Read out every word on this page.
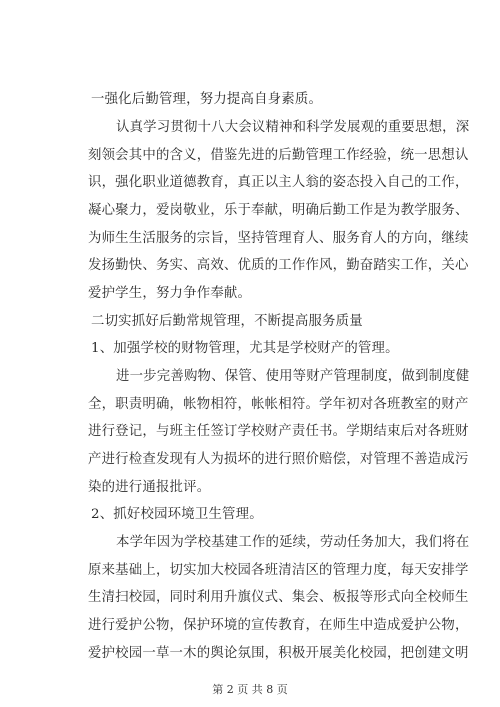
一强化后勤管理，努力提高自身素质。
认真学习贯彻十八大会议精神和科学发展观的重要思想，深
刻领会其中的含义，借鉴先进的后勤管理工作经验，统一思想认
识，强化职业道德教育，真正以主人翁的姿态投入自己的工作，
凝心聚力，爱岗敬业，乐于奉献，明确后勤工作是为教学服务、
为师生生活服务的宗旨，坚持管理育人、服务育人的方向，继续
发扬勤快、务实、高效、优质的工作作风，勤奋踏实工作，关心
爱护学生，努力争作奉献。
二切实抓好后勤常规管理，不断提高服务质量
1、加强学校的财物管理，尤其是学校财产的管理。
进一步完善购物、保管、使用等财产管理制度，做到制度健
全，职责明确，帐物相符，帐帐相符。学年初对各班教室的财产
进行登记，与班主任签订学校财产责任书。学期结束后对各班财
产进行检查发现有人为损坏的进行照价赔偿，对管理不善造成污
染的进行通报批评。
2、抓好校园环境卫生管理。
本学年因为学校基建工作的延续，劳动任务加大，我们将在
原来基础上，切实加大校园各班清洁区的管理力度，每天安排学
生清扫校园，同时利用升旗仪式、集会、板报等形式向全校师生
进行爱护公物，保护环境的宣传教育，在师生中造成爱护公物，
爱护校园一草一木的舆论氛围，积极开展美化校园，把创建文明
第 2 页 共 8 页
